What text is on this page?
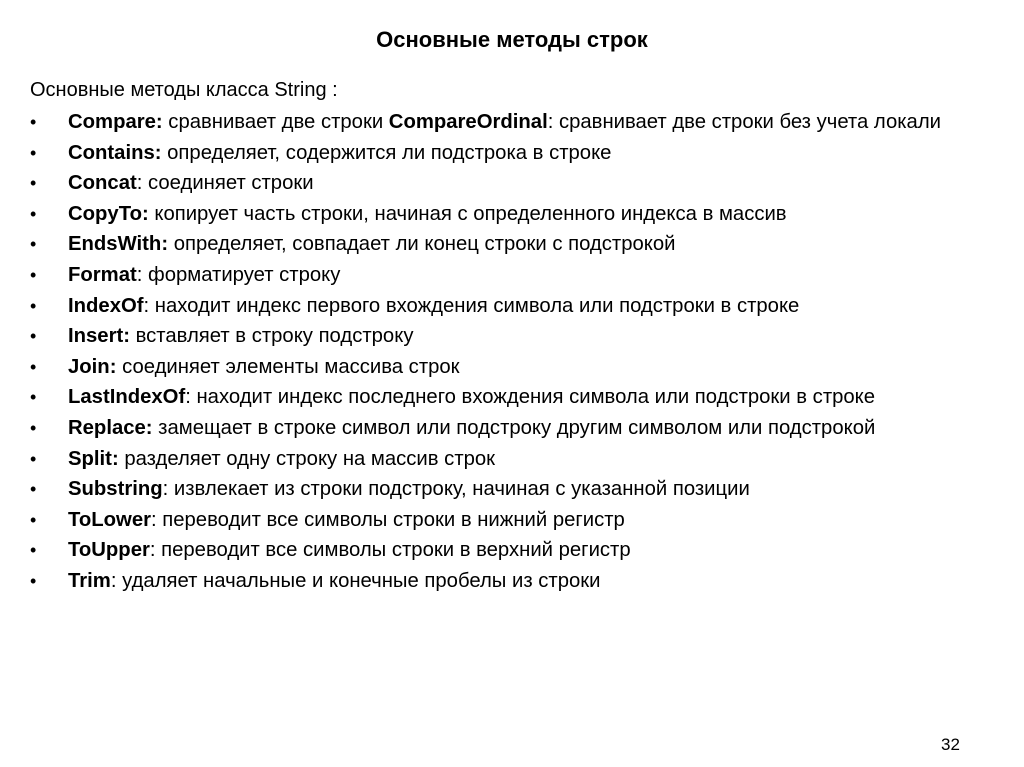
Основные методы строк
Основные методы класса String :
• Compare: сравнивает две строки CompareOrdinal: сравнивает две строки без учета локали
• Contains: определяет, содержится ли подстрока в строке
• Concat: соединяет строки
• CopyTo: копирует часть строки, начиная с определенного индекса в массив
• EndsWith: определяет, совпадает ли конец строки с подстрокой
• Format: форматирует строку
• IndexOf: находит индекс первого вхождения символа или подстроки в строке
• Insert: вставляет в строку подстроку
• Join: соединяет элементы массива строк
• LastIndexOf: находит индекс последнего вхождения символа или подстроки в строке
• Replace: замещает в строке символ или подстроку другим символом или подстрокой
• Split: разделяет одну строку на массив строк
• Substring: извлекает из строки подстроку, начиная с указанной позиции
• ToLower: переводит все символы строки в нижний регистр
• ToUpper: переводит все символы строки в верхний регистр
• Trim: удаляет начальные и конечные пробелы из строки
32
